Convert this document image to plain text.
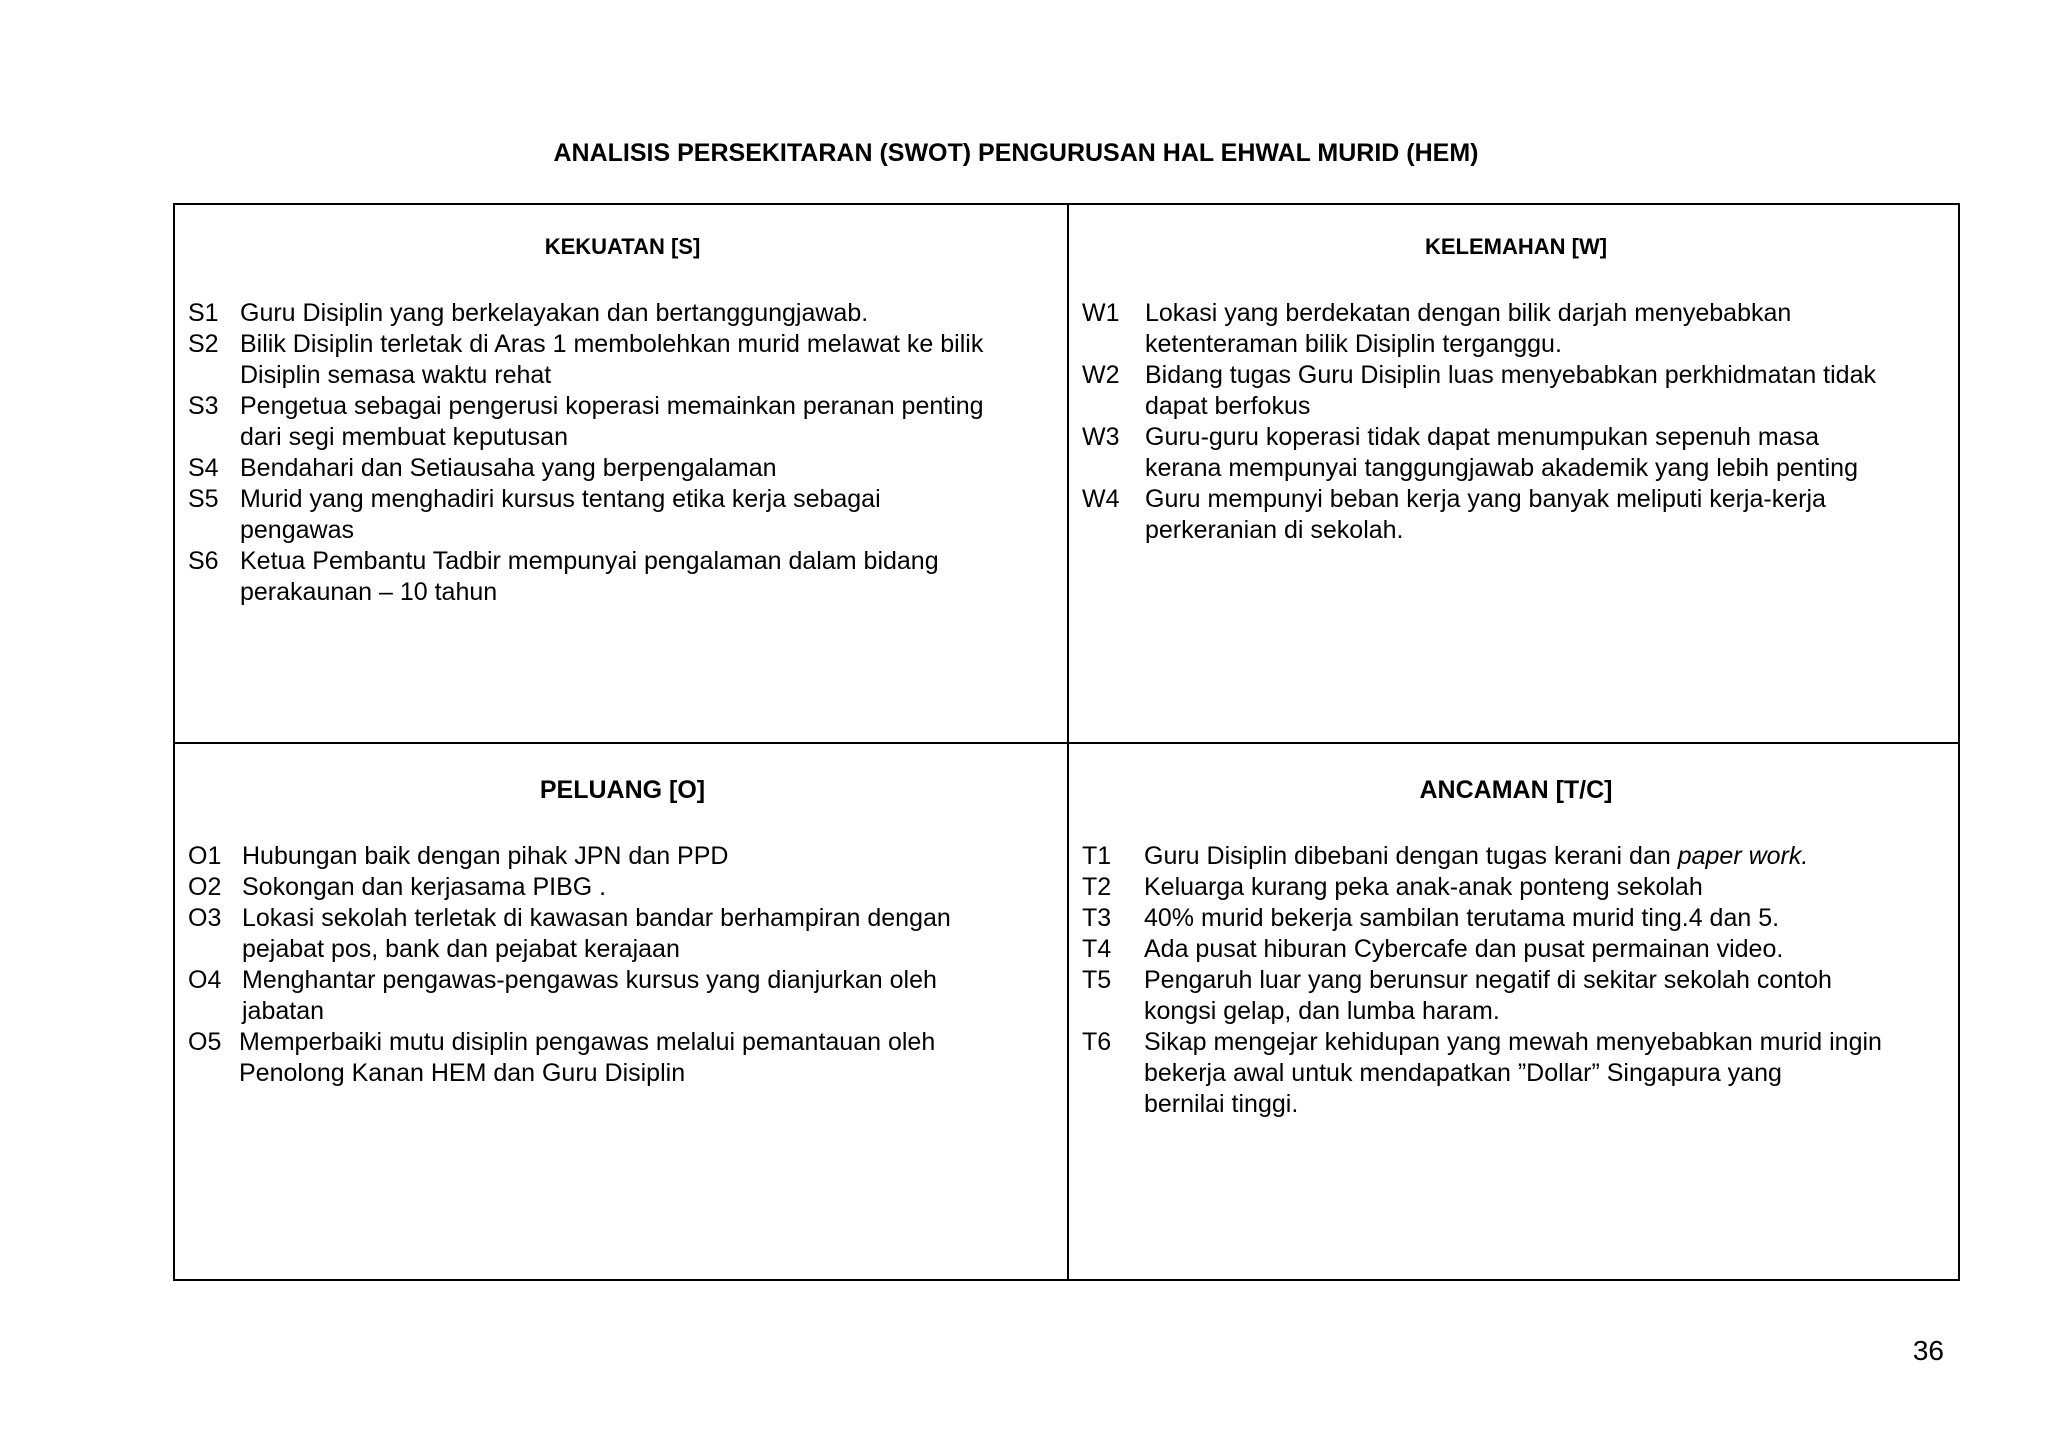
ANALISIS PERSEKITARAN (SWOT) PENGURUSAN HAL EHWAL MURID (HEM)
KEKUATAN [S]
S1 Guru Disiplin yang berkelayakan dan bertanggungjawab.
S2 Bilik Disiplin terletak di Aras 1 membolehkan murid melawat ke bilik
Disiplin semasa waktu rehat
S3 Pengetua sebagai pengerusi koperasi memainkan peranan penting
dari segi membuat keputusan
S4 Bendahari dan Setiausaha yang berpengalaman
S5 Murid yang menghadiri kursus tentang etika kerja sebagai
pengawas
S6 Ketua Pembantu Tadbir mempunyai pengalaman dalam bidang
perakaunan – 10 tahun
KELEMAHAN [W]
W1	Lokasi yang berdekatan dengan bilik darjah menyebabkan
ketenteraman bilik Disiplin terganggu.
W2	Bidang tugas Guru Disiplin luas menyebabkan perkhidmatan tidak
dapat berfokus
W3	Guru-guru koperasi tidak dapat menumpukan sepenuh masa
kerana mempunyai tanggungjawab akademik yang lebih penting
W4	Guru mempunyi beban kerja yang banyak meliputi kerja-kerja
perkeranian di sekolah.
PELUANG [O]
O1 Hubungan baik dengan pihak JPN dan PPD
O2 Sokongan dan kerjasama PIBG .
O3 Lokasi sekolah terletak di kawasan bandar berhampiran dengan
pejabat pos, bank dan pejabat kerajaan
O4 Menghantar pengawas-pengawas kursus yang dianjurkan oleh
jabatan
O5 Memperbaiki mutu disiplin pengawas melalui pemantauan oleh
Penolong Kanan HEM dan Guru Disiplin
ANCAMAN [T/C]
T1	Guru Disiplin dibebani dengan tugas kerani dan paper work.
T2	Keluarga kurang peka anak-anak ponteng sekolah
T3	40% murid bekerja sambilan terutama murid ting.4 dan 5.
T4	Ada pusat hiburan Cybercafe dan pusat permainan video.
T5	Pengaruh luar yang berunsur negatif di sekitar sekolah contoh
kongsi gelap, dan lumba haram.
T6	Sikap mengejar kehidupan yang mewah menyebabkan murid ingin
bekerja awal untuk mendapatkan ”Dollar” Singapura yang
bernilai tinggi.
36
